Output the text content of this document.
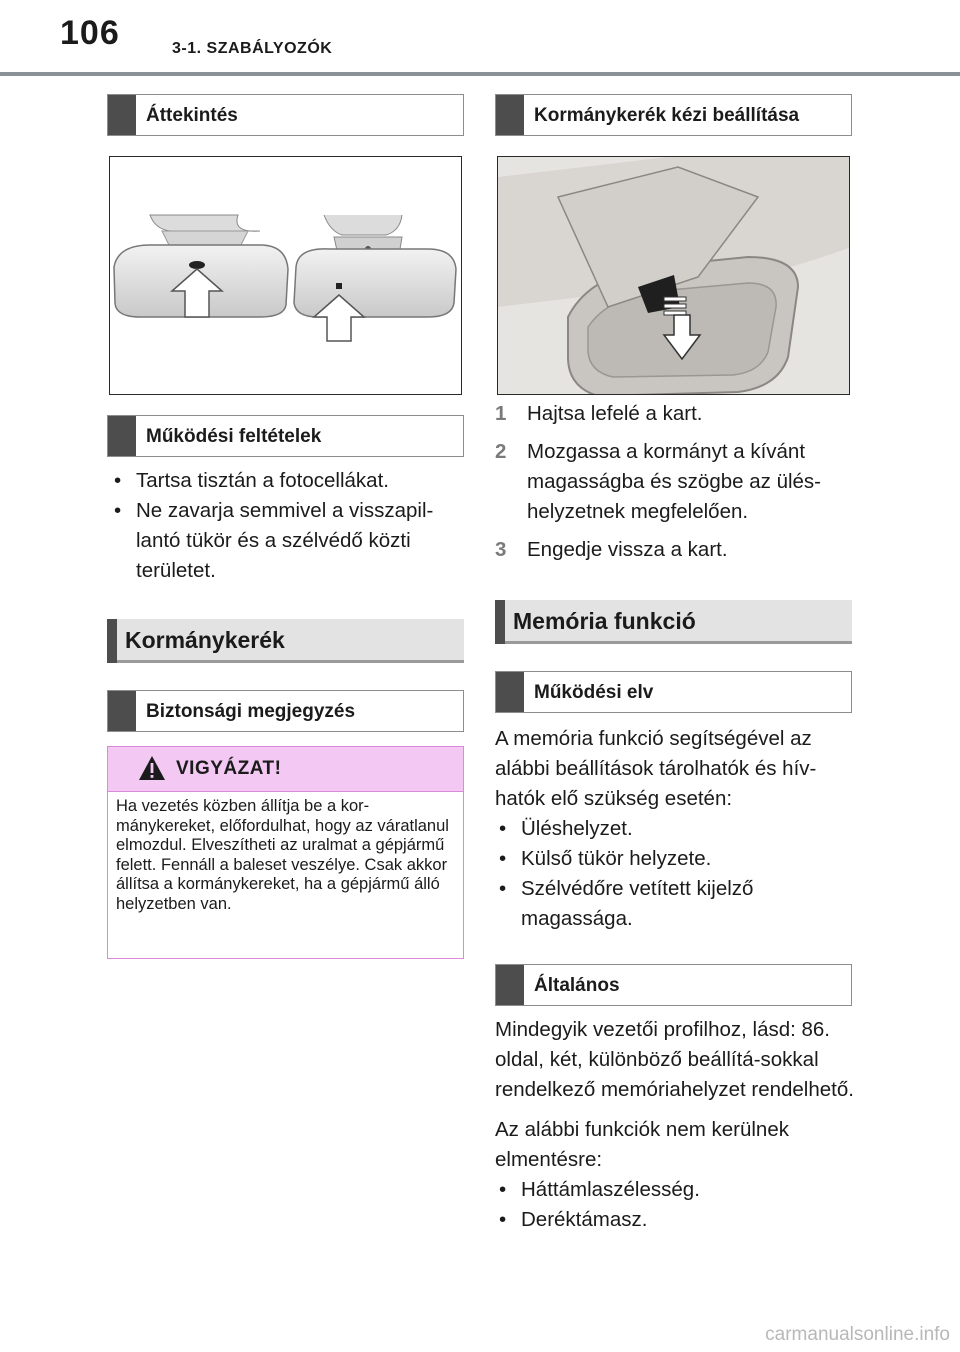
106	3-1. SZABÁLYOZÓK
Áttekintés
Működési feltételek
• Tartsa tisztán a fotocellákat.
• Ne zavarja semmivel a visszapil-lantó tükör és a szélvédő közti területet.
Kormánykerék
Biztonsági megjegyzés
VIGYÁZAT!
Ha vezetés közben állítja be a kor-mánykereket, előfordulhat, hogy az váratlanul elmozdul. Elveszítheti az uralmat a gépjármű felett. Fennáll a baleset veszélye. Csak akkor állítsa a kormánykereket, ha a gépjármű álló helyzetben van.
Kormánykerék kézi beállítása
1 Hajtsa lefelé a kart.
2 Mozgassa a kormányt a kívánt magasságba és szögbe az ülés-helyzetnek megfelelően.
3 Engedje vissza a kart.
Memória funkció
Működési elv
A memória funkció segítségével az alábbi beállítások tárolhatók és hív-hatók elő szükség esetén:
• Üléshelyzet.
• Külső tükör helyzete.
• Szélvédőre vetített kijelző magassága.
Általános
Mindegyik vezetői profilhoz, lásd: 86. oldal, két, különböző beállítá-sokkal rendelkező memóriahelyzet rendelhető.
Az alábbi funkciók nem kerülnek elmentésre:
• Háttámlaszélesség.
• Deréktámasz.
carmanualsonline.info
